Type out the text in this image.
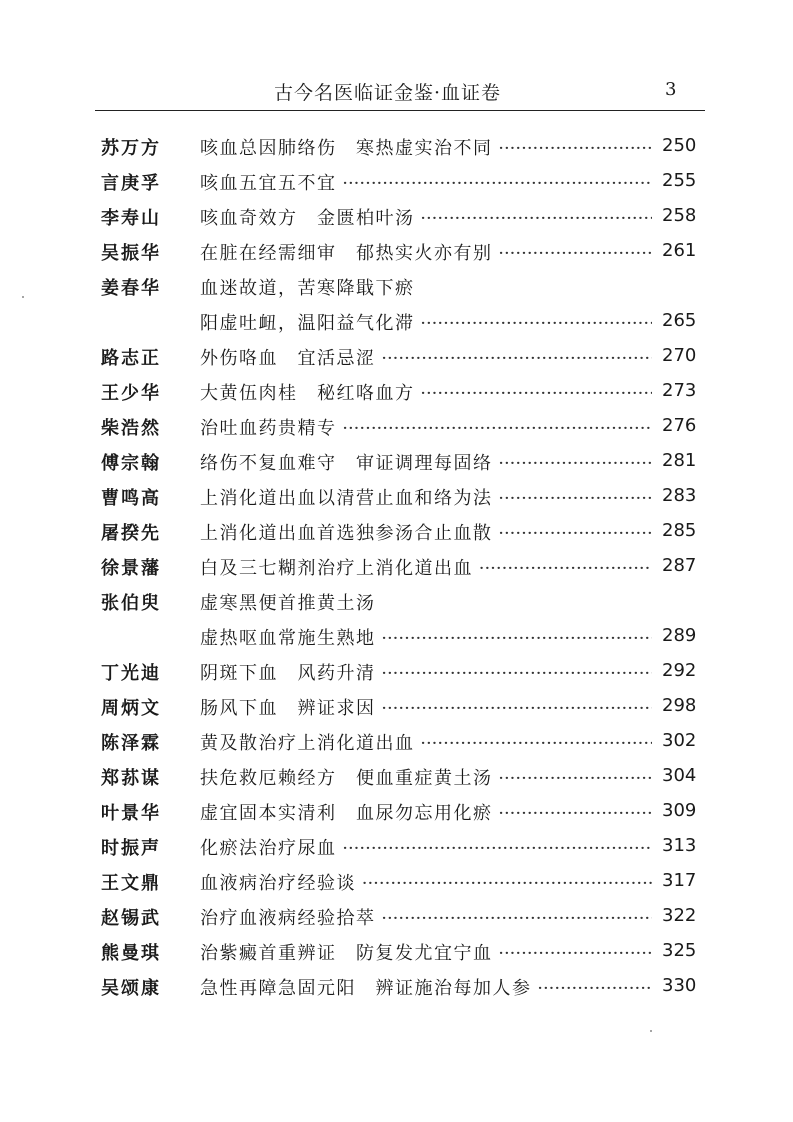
古今名医临证金鉴·血证卷	3
苏万方 咳血总因肺络伤　寒热虚实治不同 ·····	250
言庚孚 咳血五宜五不宜 ·····	255
李寿山 咳血奇效方　金匮柏叶汤 ·····	258
吴振华 在脏在经需细审　郁热实火亦有别 ·····	261
姜春华 血迷故道，苦寒降戢下瘀
阳虚吐衄，温阳益气化滞 ·····	265
路志正 外伤咯血　宜活忌涩 ·····	270
王少华 大黄伍肉桂　秘红咯血方 ·····	273
柴浩然 治吐血药贵精专 ·····	276
傅宗翰 络伤不复血难守　审证调理每固络 ·····	281
曹鸣高 上消化道出血以清营止血和络为法 ·····	283
屠揆先 上消化道出血首选独参汤合止血散 ·····	285
徐景藩 白及三七糊剂治疗上消化道出血 ·····	287
张伯臾 虚寒黑便首推黄土汤
虚热呕血常施生熟地 ·····	289
丁光迪 阴斑下血　风药升清 ·····	292
周炳文 肠风下血　辨证求因 ·····	298
陈泽霖 黄及散治疗上消化道出血 ·····	302
郑荪谋 扶危救厄赖经方　便血重症黄土汤 ·····	304
叶景华 虚宜固本实清利　血尿勿忘用化瘀 ·····	309
时振声 化瘀法治疗尿血 ·····	313
王文鼎 血液病治疗经验谈 ·····	317
赵锡武 治疗血液病经验拾萃 ·····	322
熊曼琪 治紫癜首重辨证　防复发尤宜宁血 ·····	325
吴颂康 急性再障急固元阳　辨证施治每加人参 ·····	330
